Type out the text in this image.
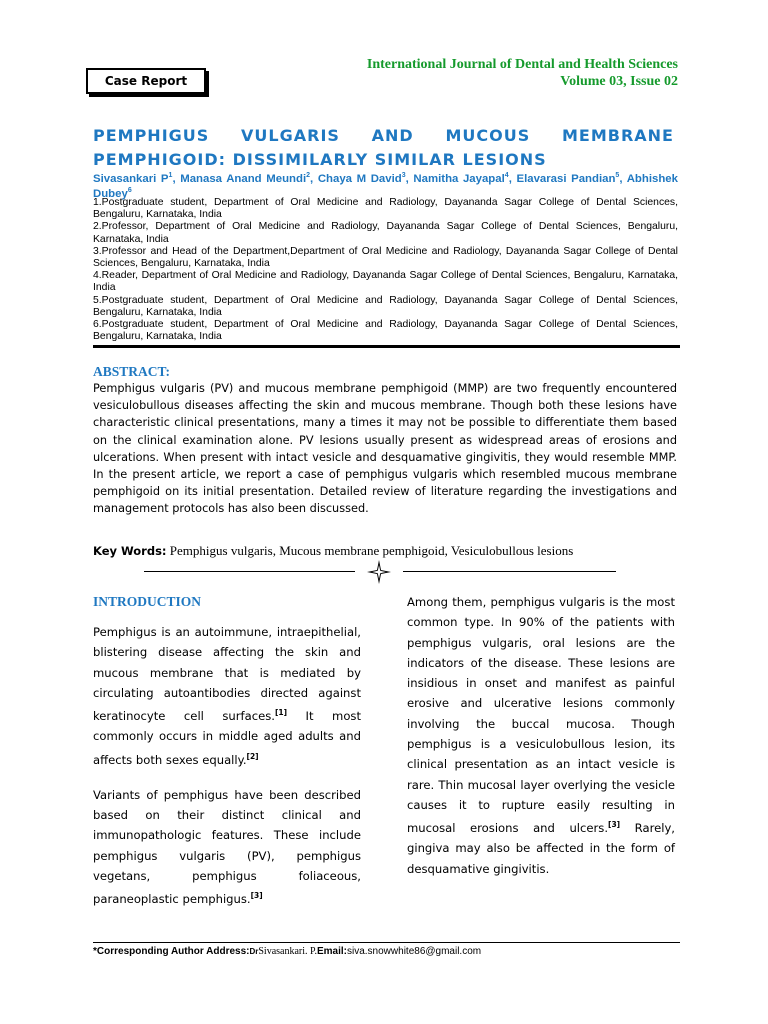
International Journal of Dental and Health Sciences
Volume 03, Issue 02
Case Report
PEMPHIGUS VULGARIS AND MUCOUS MEMBRANE
PEMPHIGOID: DISSIMILARLY SIMILAR LESIONS
Sivasankari $P^1$, Manasa Anand Meundi$^2$, Chaya M David$^3$, Namitha Jayapal$^4$, Elavarasi Pandian$^5$, Abhishek Dubey$^6$
1.Postgraduate student, Department of Oral Medicine and Radiology, Dayananda Sagar College of Dental Sciences, Bengaluru, Karnataka, India
2.Professor, Department of Oral Medicine and Radiology, Dayananda Sagar College of Dental Sciences, Bengaluru, Karnataka, India
3.Professor and Head of the Department,Department of Oral Medicine and Radiology, Dayananda Sagar College of Dental Sciences, Bengaluru, Karnataka, India
4.Reader, Department of Oral Medicine and Radiology, Dayananda Sagar College of Dental Sciences, Bengaluru, Karnataka, India
5.Postgraduate student, Department of Oral Medicine and Radiology, Dayananda Sagar College of Dental Sciences, Bengaluru, Karnataka, India
6.Postgraduate student, Department of Oral Medicine and Radiology, Dayananda Sagar College of Dental Sciences, Bengaluru, Karnataka, India
ABSTRACT:
Pemphigus vulgaris (PV) and mucous membrane pemphigoid (MMP) are two frequently encountered vesiculobullous diseases affecting the skin and mucous membrane. Though both these lesions have characteristic clinical presentations, many a times it may not be possible to differentiate them based on the clinical examination alone. PV lesions usually present as widespread areas of erosions and ulcerations. When present with intact vesicle and desquamative gingivitis, they would resemble MMP. In the present article, we report a case of pemphigus vulgaris which resembled mucous membrane pemphigoid on its initial presentation. Detailed review of literature regarding the investigations and management protocols has also been discussed.
Key Words: Pemphigus vulgaris, Mucous membrane pemphigoid, Vesiculobullous lesions
INTRODUCTION

Pemphigus is an autoimmune, intraepithelial, blistering disease affecting the skin and mucous membrane that is mediated by circulating autoantibodies directed against keratinocyte cell surfaces.[1] It most commonly occurs in middle aged adults and affects both sexes equally.[2]

Variants of pemphigus have been described based on their distinct clinical and immunopathologic features. These include pemphigus vulgaris (PV), pemphigus vegetans, pemphigus foliaceous, paraneoplastic pemphigus.[3]

Among them, pemphigus vulgaris is the most common type. In 90% of the patients with pemphigus vulgaris, oral lesions are the indicators of the disease. These lesions are insidious in onset and manifest as painful erosive and ulcerative lesions commonly involving the buccal mucosa. Though pemphigus is a vesiculobullous lesion, its clinical presentation as an intact vesicle is rare. Thin mucosal layer overlying the vesicle causes it to rupture easily resulting in mucosal erosions and ulcers.[3] Rarely, gingiva may also be affected in the form of desquamative gingivitis.

*Corresponding Author Address:DrSivasankari. P.Email:siva.snowwhite86@gmail.com
